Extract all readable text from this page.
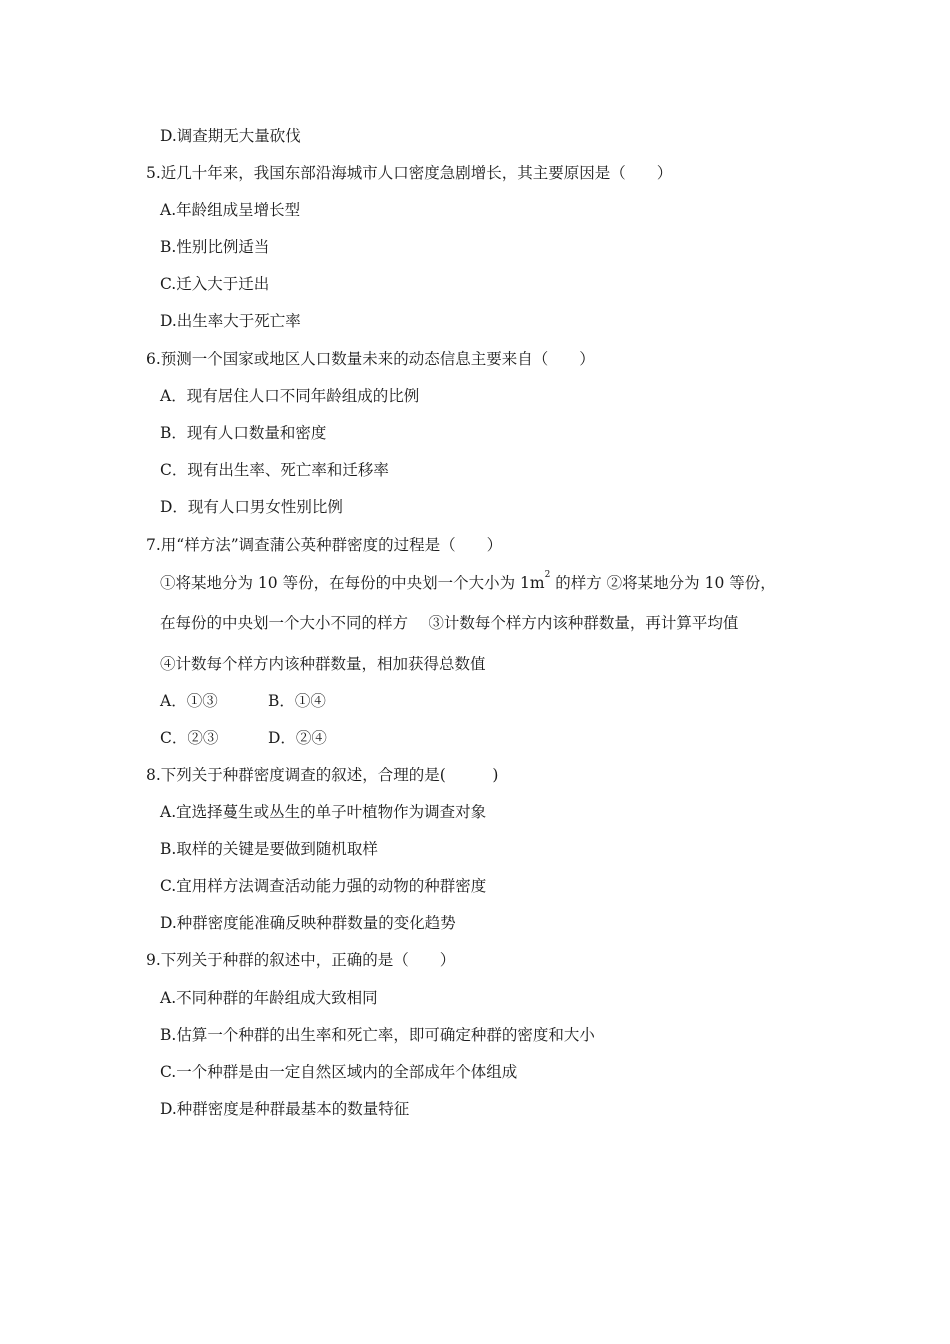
D.调查期无大量砍伐
5.近几十年来，我国东部沿海城市人口密度急剧增长，其主要原因是（　　）
A.年龄组成呈增长型
B.性别比例适当
C.迁入大于迁出
D.出生率大于死亡率
6.预测一个国家或地区人口数量未来的动态信息主要来自（　　）
A．现有居住人口不同年龄组成的比例
B．现有人口数量和密度
C．现有出生率、死亡率和迁移率
D．现有人口男女性别比例
7.用“样方法”调查蒲公英种群密度的过程是（　　）
①将某地分为 10 等份，在每份的中央划一个大小为 $1m^2$ 的样方 ②将某地分为 10 等份，
在每份的中央划一个大小不同的样方　 ③计数每个样方内该种群数量，再计算平均值
④计数每个样方内该种群数量，相加获得总数值
A．①③	B．①④
C．②③	D．②④
8.下列关于种群密度调查的叙述，合理的是(　　　)
A.宜选择蔓生或丛生的单子叶植物作为调查对象
B.取样的关键是要做到随机取样
C.宜用样方法调查活动能力强的动物的种群密度
D.种群密度能准确反映种群数量的变化趋势
9.下列关于种群的叙述中，正确的是（　　）
A.不同种群的年龄组成大致相同
B.估算一个种群的出生率和死亡率，即可确定种群的密度和大小
C.一个种群是由一定自然区域内的全部成年个体组成
D.种群密度是种群最基本的数量特征
